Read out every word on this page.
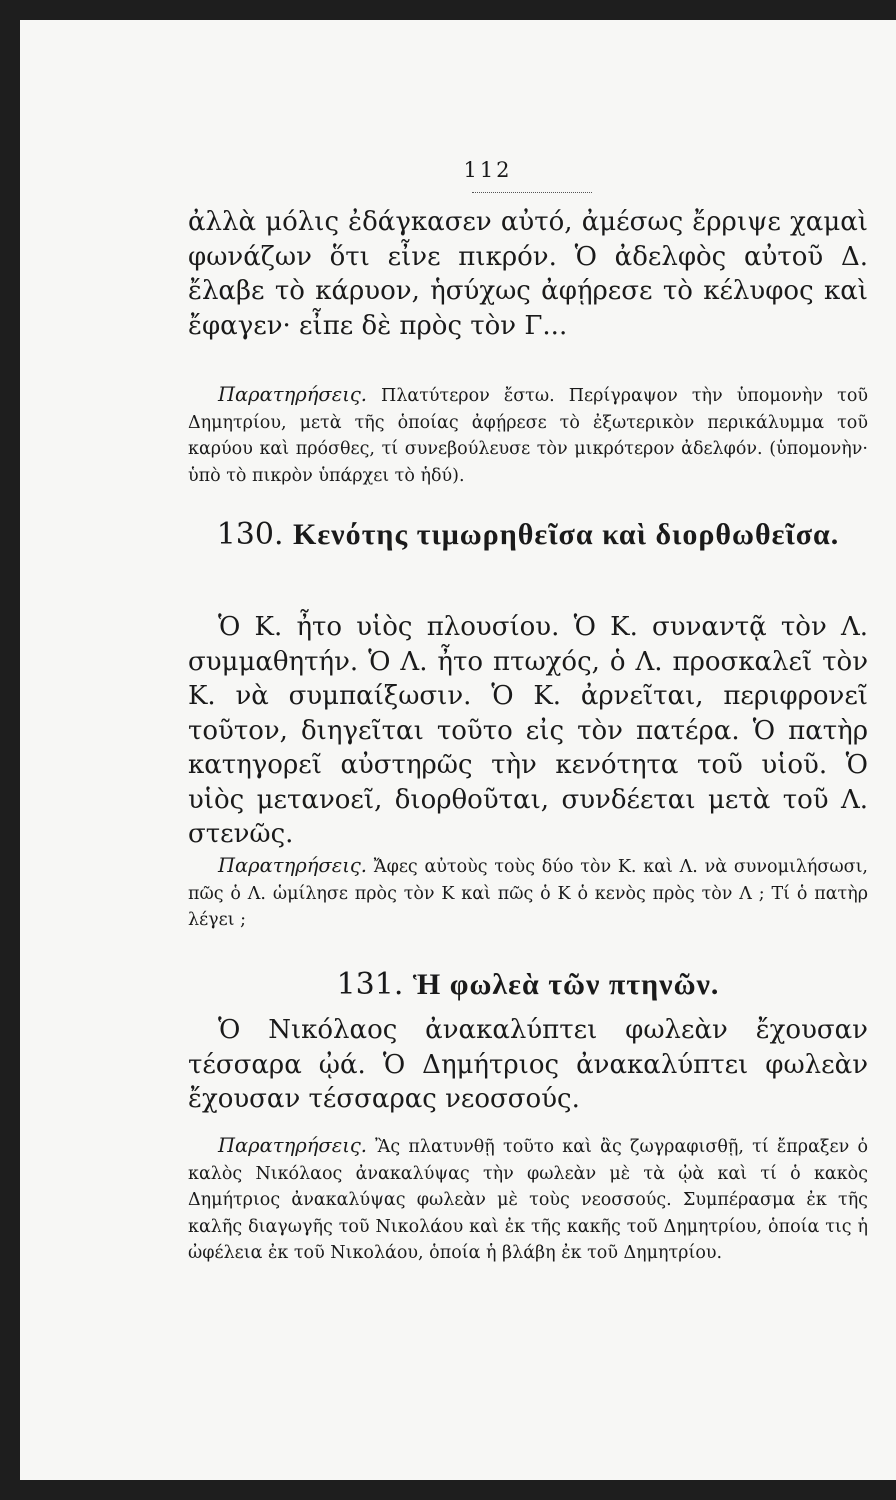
112
ἀλλὰ μόλις ἐδάγκασεν αὐτό, ἀμέσως ἔρριψε χαμαὶ φωνάζων ὅτι εἶνε πικρόν. Ὁ ἀδελφὸς αὐτοῦ Δ. ἔλαβε τὸ κάρυον, ἡσύχως ἀφῄρεσε τὸ κέλυφος καὶ ἔφαγεν· εἶπε δὲ πρὸς τὸν Γ...
Παρατηρήσεις. Πλατύτερον ἔστω. Περίγραψον τὴν ὑπομονὴν τοῦ Δημητρίου, μετὰ τῆς ὁποίας ἀφῄρεσε τὸ ἐξωτερικὸν περικάλυμμα τοῦ καρύου καὶ πρόσθες, τί συνεβούλευσε τὸν μικρότερον ἀδελφόν. (ὑπομονὴν· ὑπὸ τὸ πικρὸν ὑπάρχει τὸ ἡδύ).
130. Κενότης τιμωρηθεῖσα καὶ διορθωθεῖσα.
Ὁ Κ. ἦτο υἱὸς πλουσίου. Ὁ Κ. συναντᾷ τὸν Λ. συμμαθητήν. Ὁ Λ. ἦτο πτωχός, ὁ Λ. προσκαλεῖ τὸν Κ. νὰ συμπαίξωσιν. Ὁ Κ. ἀρνεῖται, περιφρονεῖ τοῦτον, διηγεῖται τοῦτο εἰς τὸν πατέρα. Ὁ πατὴρ κατηγορεῖ αὐστηρῶς τὴν κενότητα τοῦ υἱοῦ. Ὁ υἱὸς μετανοεῖ, διορθοῦται, συνδέεται μετὰ τοῦ Λ. στενῶς.
Παρατηρήσεις. Ἄφες αὐτοὺς τοὺς δύο τὸν Κ. καὶ Λ. νὰ συνομιλήσωσι, πῶς ὁ Λ. ὡμίλησε πρὸς τὸν Κ καὶ πῶς ὁ Κ ὁ κενὸς πρὸς τὸν Λ ; Τί ὁ πατὴρ λέγει ;
131. Ἡ φωλεὰ τῶν πτηνῶν.
Ὁ Νικόλαος ἀνακαλύπτει φωλεὰν ἔχουσαν τέσσαρα ᾠά. Ὁ Δημήτριος ἀνακαλύπτει φωλεὰν ἔχουσαν τέσσαρας νεοσσούς.
Παρατηρήσεις. Ἂς πλατυνθῇ τοῦτο καὶ ἂς ζωγραφισθῇ, τί ἔπραξεν ὁ καλὸς Νικόλαος ἀνακαλύψας τὴν φωλεὰν μὲ τὰ ᾠὰ καὶ τί ὁ κακὸς Δημήτριος ἀνακαλύψας φωλεὰν μὲ τοὺς νεοσσούς. Συμπέρασμα ἐκ τῆς καλῆς διαγωγῆς τοῦ Νικολάου καὶ ἐκ τῆς κακῆς τοῦ Δημητρίου, ὁποία τις ἡ ὠφέλεια ἐκ τοῦ Νικολάου, ὁποία ἡ βλάβη ἐκ τοῦ Δημητρίου.
